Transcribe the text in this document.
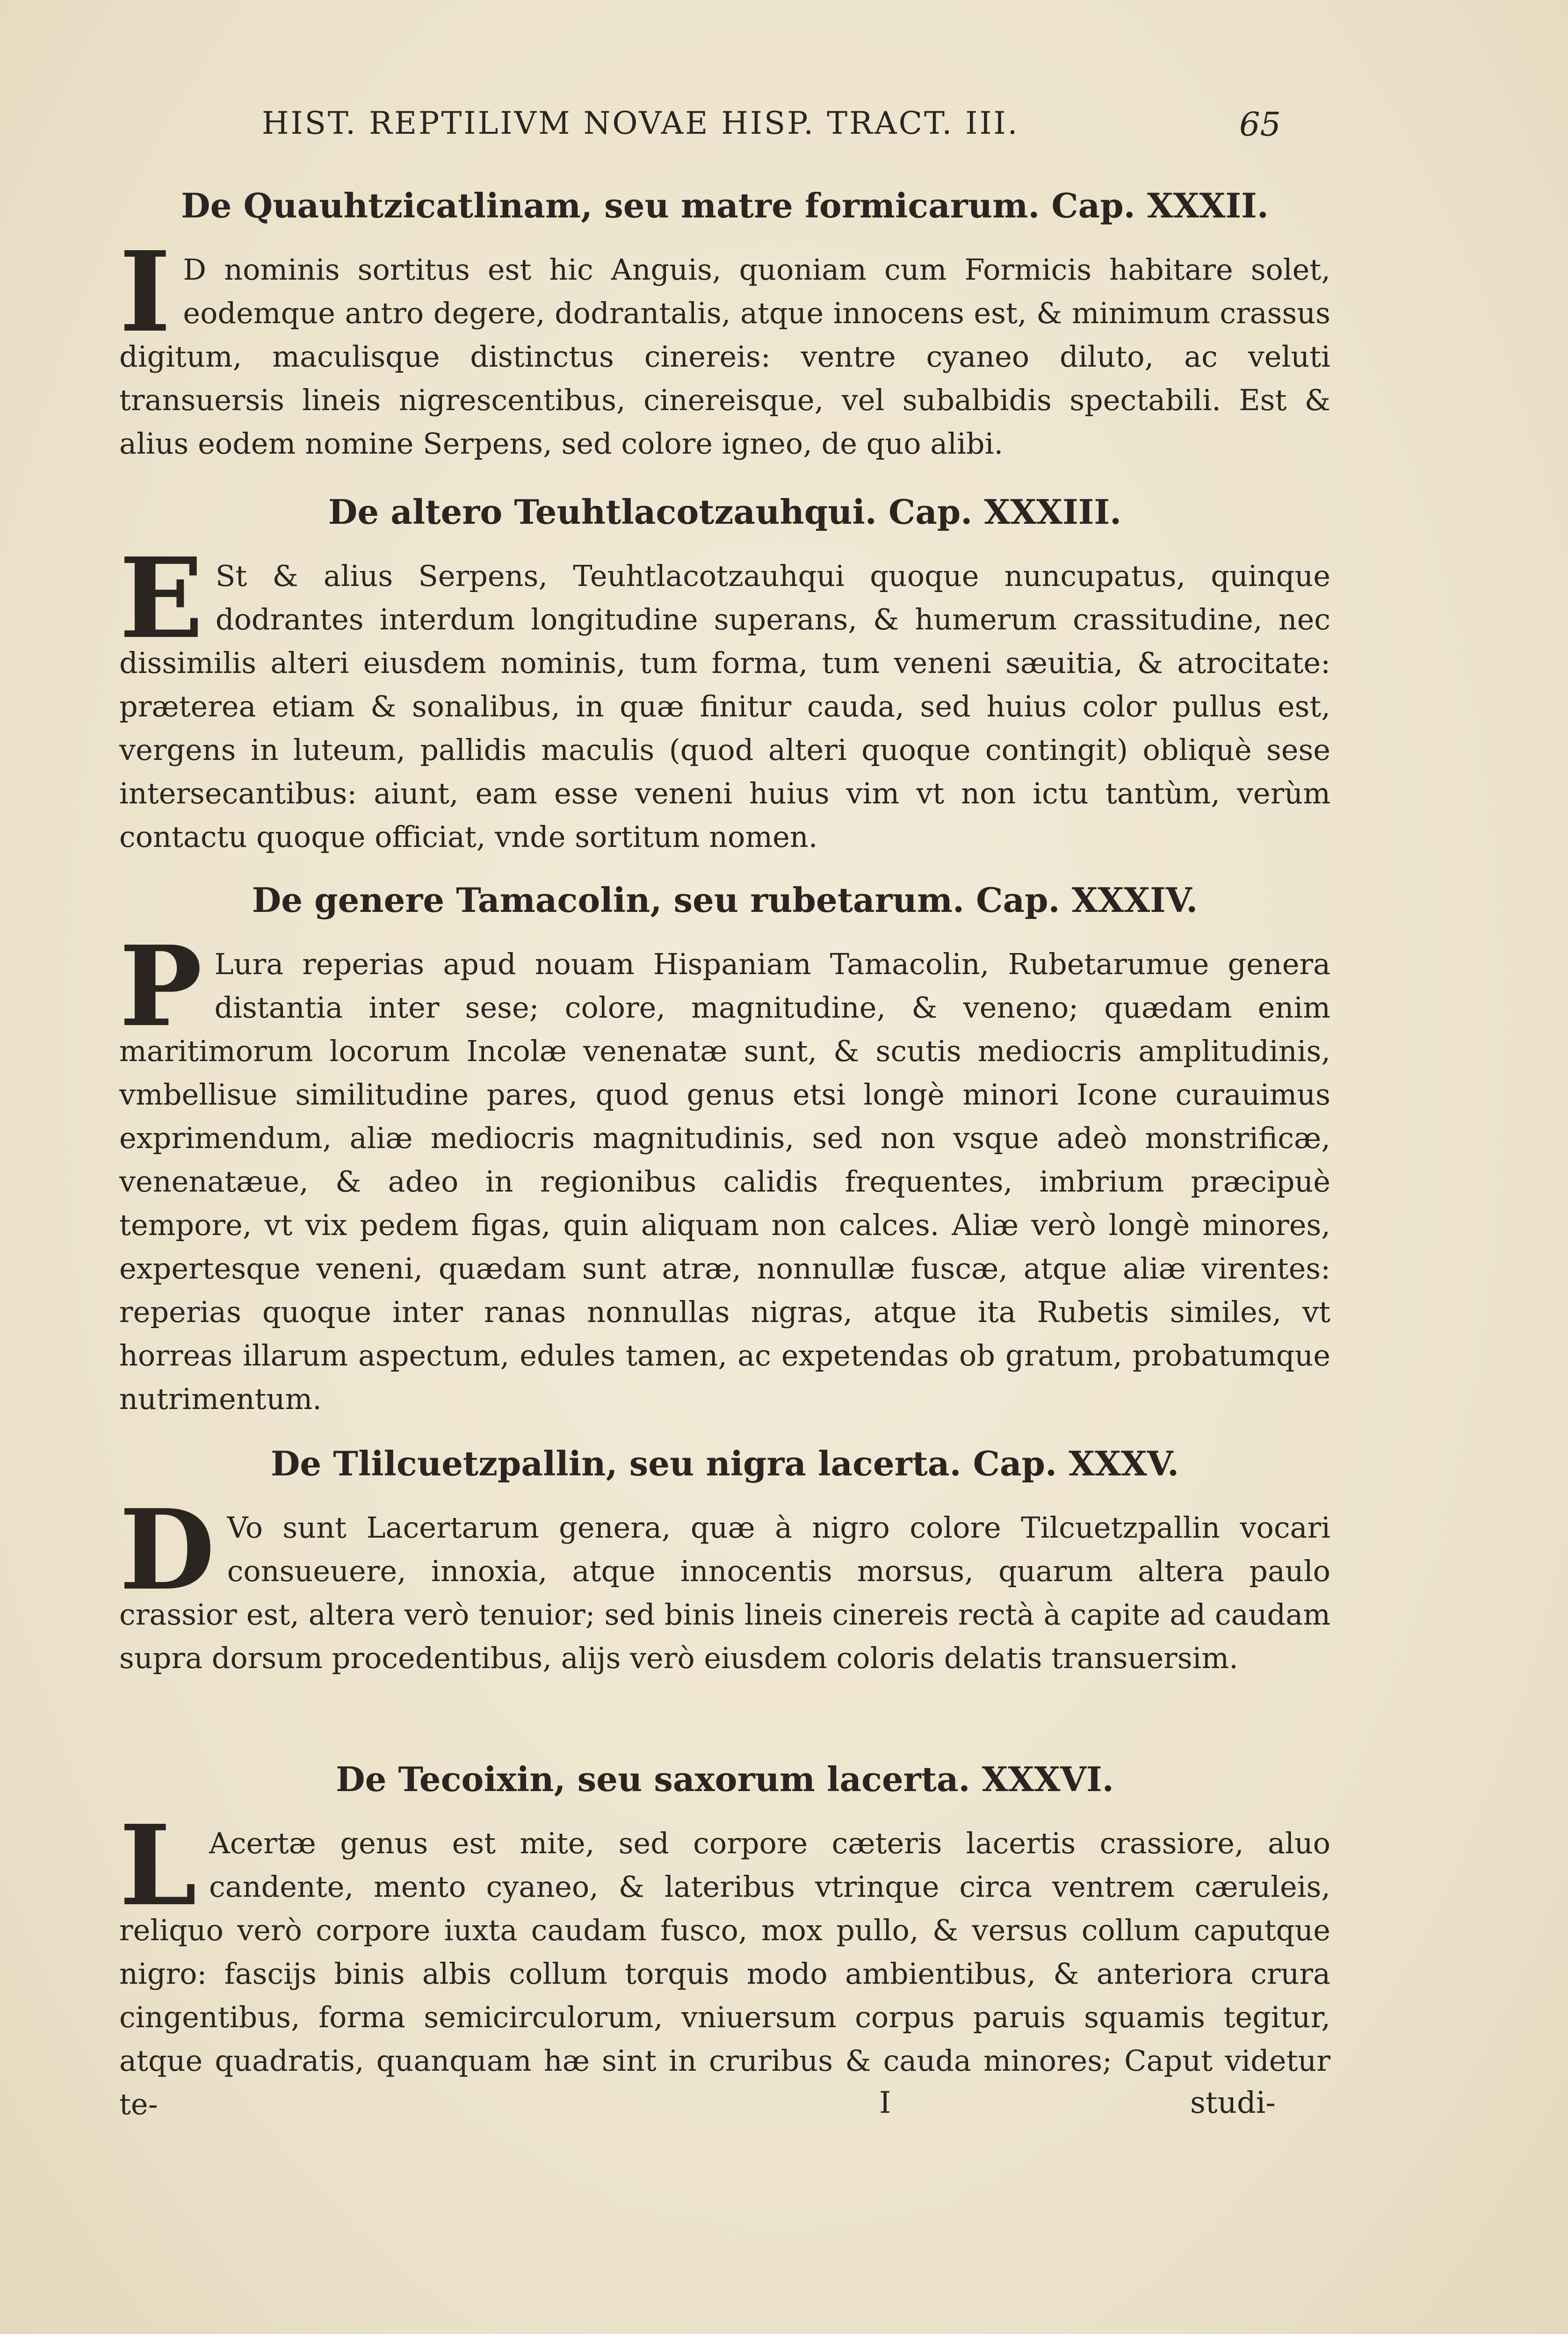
HIST. REPTILIVM NOVAE HISP. TRACT. III.	65
De Quauhtzicatlinam, seu matre formicarum. Cap. XXXII.
I D nominis sortitus est hic Anguis, quoniam cum Formicis habitare solet, eodemque antro degere, dodrantalis, atque innocens est, & minimum crassus digitum, maculisque distinctus cinereis: ventre cyaneo diluto, ac veluti transuersis lineis nigrescentibus, cinereisque, vel subalbidis spectabili. Est & alius eodem nomine Serpens, sed colore igneo, de quo alibi.
De altero Teuhtlacotzauhqui. Cap. XXXIII.
E St & alius Serpens, Teuhtlacotzauhqui quoque nuncupatus, quinque dodrantes interdum longitudine superans, & humerum crassitudine, nec dissimilis alteri eiusdem nominis, tum forma, tum veneni sæuitia, & atrocitate: præterea etiam & sonalibus, in quæ finitur cauda, sed huius color pullus est, vergens in luteum, pallidis maculis (quod alteri quoque contingit) obliquè sese intersecantibus: aiunt, eam esse veneni huius vim vt non ictu tantùm, verùm contactu quoque officiat, vnde sortitum nomen.
De genere Tamacolin, seu rubetarum. Cap. XXXIV.
P Lura reperias apud nouam Hispaniam Tamacolin, Rubetarumue genera distantia inter sese; colore, magnitudine, & veneno; quædam enim maritimorum locorum Incolæ venenatæ sunt, & scutis mediocris amplitudinis, vmbellisue similitudine pares, quod genus etsi longè minori Icone curauimus exprimendum, aliæ mediocris magnitudinis, sed non vsque adeò monstrificæ, venenatæue, & adeo in regionibus calidis frequentes, imbrium præcipuè tempore, vt vix pedem figas, quin aliquam non calces. Aliæ verò longè minores, expertesque veneni, quædam sunt atræ, nonnullæ fuscæ, atque aliæ virentes: reperias quoque inter ranas nonnullas nigras, atque ita Rubetis similes, vt horreas illarum aspectum, edules tamen, ac expetendas ob gratum, probatumque nutrimentum.
De Tlilcuetzpallin, seu nigra lacerta. Cap. XXXV.
D Vo sunt Lacertarum genera, quæ à nigro colore Tilcuetzpallin vocari consueuere, innoxia, atque innocentis morsus, quarum altera paulo crassior est, altera verò tenuior; sed binis lineis cinereis rectà à capite ad caudam supra dorsum procedentibus, alijs verò eiusdem coloris delatis transuersim.
De Tecoixin, seu saxorum lacerta. XXXVI.
L Acertæ genus est mite, sed corpore cæteris lacertis crassiore, aluo candente, mento cyaneo, & lateribus vtrinque circa ventrem cæruleis, reliquo verò corpore iuxta caudam fusco, mox pullo, & versus collum caputque nigro: fascijs binis albis collum torquis modo ambientibus, & anteriora crura cingentibus, forma semicirculorum, vniuersum corpus paruis squamis tegitur, atque quadratis, quanquam hæ sint in cruribus & cauda minores; Caput videtur te-	I	studi-
